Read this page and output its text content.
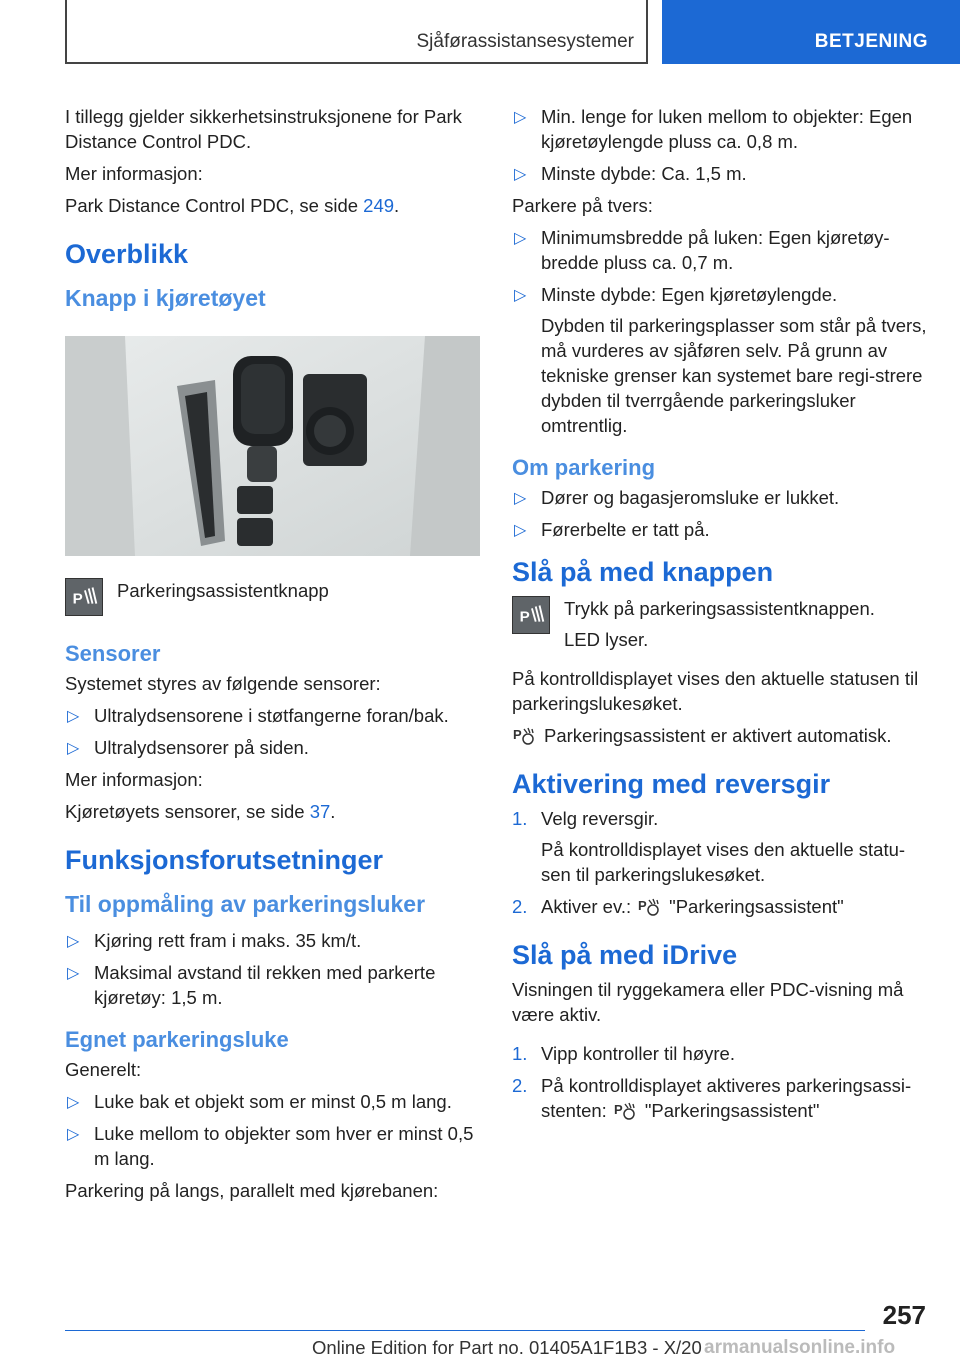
Sjåførassistansesystemer	BETJENING

I tillegg gjelder sikkerhetsinstruksjonene for Park Distance Control PDC.

Mer informasjon:

Park Distance Control PDC, se side 249.

Overblikk
Knapp i kjøretøyet
P Parkeringsassistentknapp
Sensorer

Systemet styres av følgende sensorer:

▷ Ultralydsensorene i støtfangerne foran/bak.
▷ Ultralydsensorer på siden.

Mer informasjon:

Kjøretøyets sensorer, se side 37.

Funksjonsforutsetninger
Til oppmåling av parkeringsluker
▷ Kjøring rett fram i maks. 35 km/t.
▷ Maksimal avstand til rekken med parkerte kjøretøy: 1,5 m.
Egnet parkeringsluke

Generelt:

▷ Luke bak et objekt som er minst 0,5 m lang.
▷ Luke mellom to objekter som hver er minst 0,5 m lang.

Parkering på langs, parallelt med kjørebanen:

▷ Min. lenge for luken mellom to objekter: Egen kjøretøylengde pluss ca. 0,8 m.
▷ Minste dybde: Ca. 1,5 m.

Parkere på tvers:

▷ Minimumsbredde på luken: Egen kjøretøy-bredde pluss ca. 0,7 m.
▷ Minste dybde: Egen kjøretøylengde.
Dybden til parkeringsplasser som står på tvers, må vurderes av sjåføren selv. På grunn av tekniske grenser kan systemet bare regi-strere dybden til tverrgående parkeringsluker omtrentlig.
Om parkering
▷ Dører og bagasjeromsluke er lukket.
▷ Førerbelte er tatt på.
Slå på med knappen
P Trykk på parkeringsassistentknappen.
LED lyser.

På kontrolldisplayet vises den aktuelle statusen til parkeringslukesøket.

P Parkeringsassistent er aktivert automatisk.

Aktivering med reversgir
1. Velg reversgir.
På kontrolldisplayet vises den aktuelle statu-sen til parkeringslukesøket.
2. Aktiver ev.: P "Parkeringsassistent"
Slå på med iDrive

Visningen til ryggekamera eller PDC-visning må være aktiv.

1. Vipp kontroller til høyre.
2. På kontrolldisplayet aktiveres parkeringsassi-stenten: P "Parkeringsassistent"
257
Online Edition for Part no. 01405A1F1B3 - X/20 armanualsonline.info
